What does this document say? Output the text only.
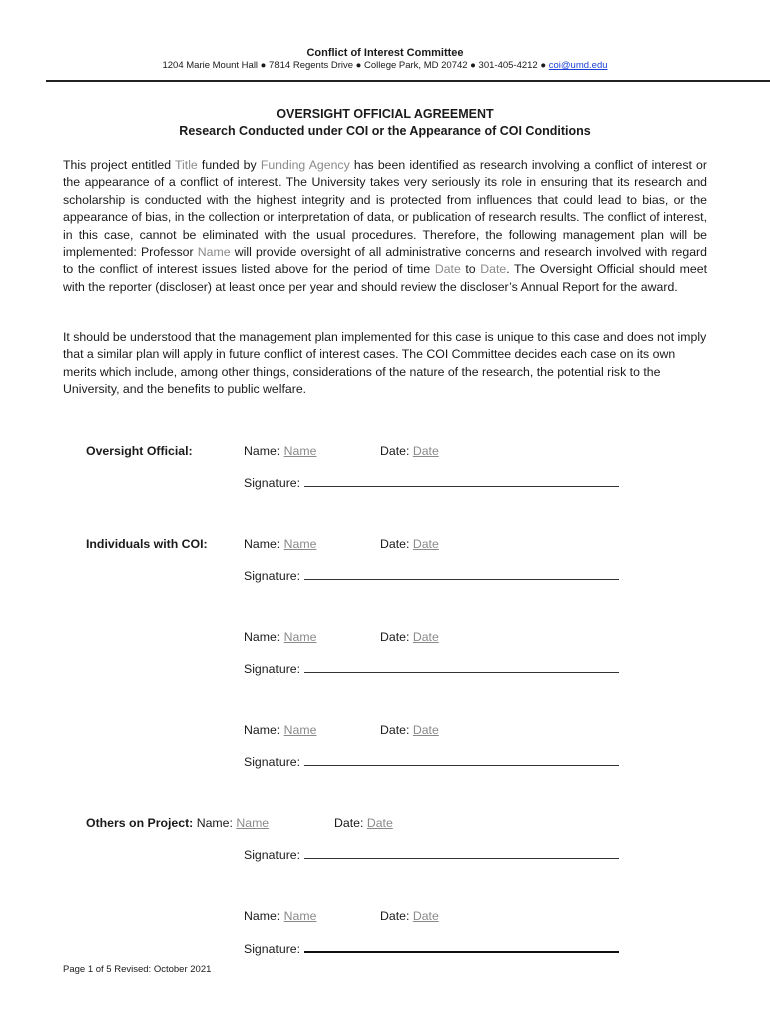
Conflict of Interest Committee
1204 Marie Mount Hall ● 7814 Regents Drive ● College Park, MD 20742 ● 301-405-4212 ● coi@umd.edu
OVERSIGHT OFFICIAL AGREEMENT
Research Conducted under COI or the Appearance of COI Conditions
This project entitled Title funded by Funding Agency has been identified as research involving a conflict of interest or the appearance of a conflict of interest. The University takes very seriously its role in ensuring that its research and scholarship is conducted with the highest integrity and is protected from influences that could lead to bias, or the appearance of bias, in the collection or interpretation of data, or publication of research results. The conflict of interest, in this case, cannot be eliminated with the usual procedures. Therefore, the following management plan will be implemented: Professor Name will provide oversight of all administrative concerns and research involved with regard to the conflict of interest issues listed above for the period of time Date to Date. The Oversight Official should meet with the reporter (discloser) at least once per year and should review the discloser’s Annual Report for the award.
It should be understood that the management plan implemented for this case is unique to this case and does not imply that a similar plan will apply in future conflict of interest cases. The COI Committee decides each case on its own merits which include, among other things, considerations of the nature of the research, the potential risk to the University, and the benefits to public welfare.
Oversight Official:	Name: Name	Date: Date
Signature:
Individuals with COI:	Name: Name	Date: Date
Signature:
Name: Name	Date: Date
Signature:
Name: Name	Date: Date
Signature:
Others on Project: Name: Name	Date: Date
Signature:
Name: Name	Date: Date
Signature:
Page 1 of 5 Revised: October 2021
